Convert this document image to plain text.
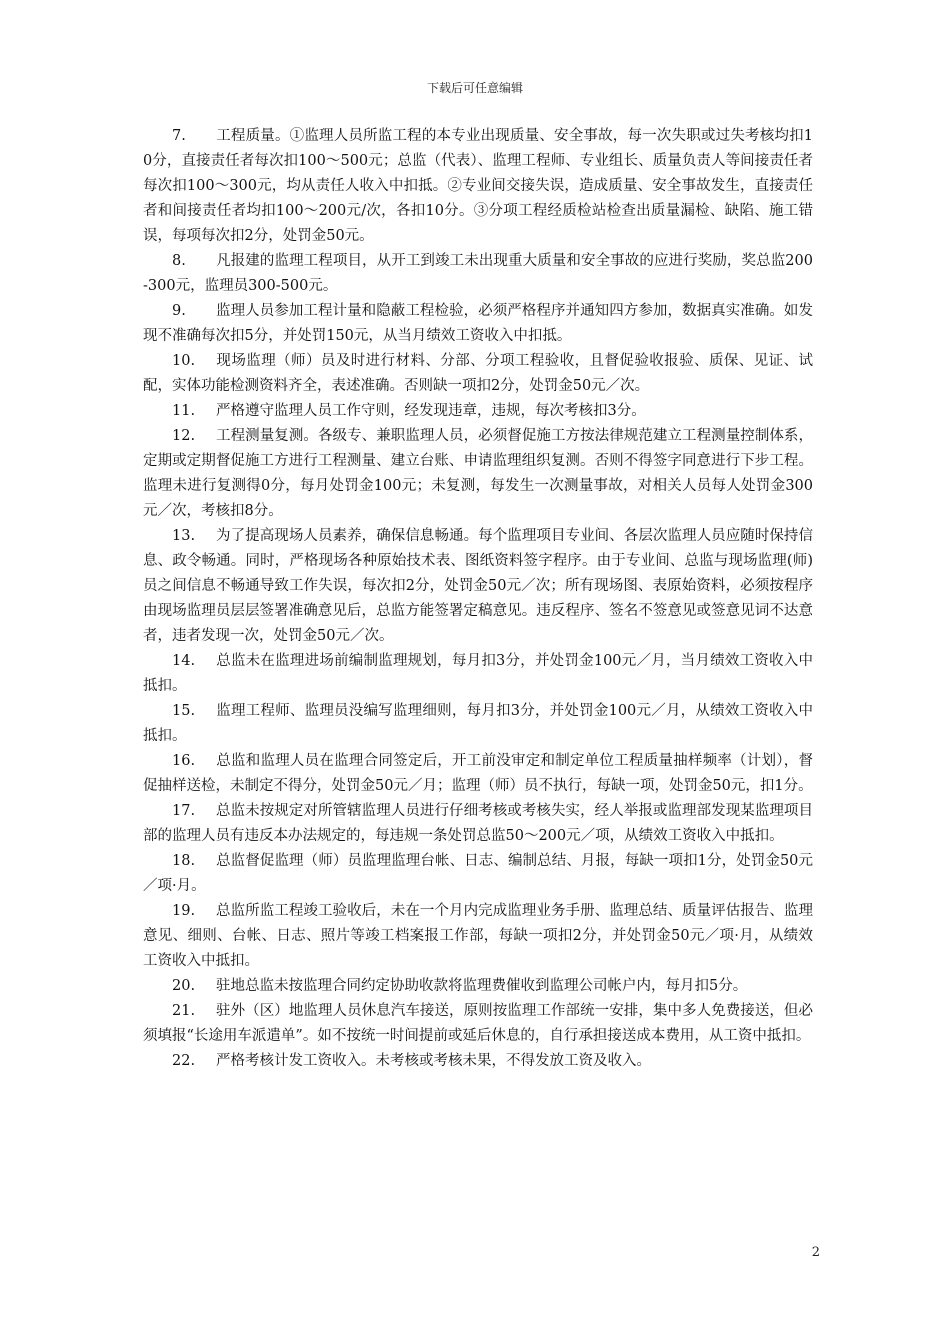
下载后可任意编辑

7. 工程质量。①监理人员所监工程的本专业出现质量、安全事故，每一次失职或过失考核均扣10分，直接责任者每次扣100～500元；总监（代表）、监理工程师、专业组长、质量负责人等间接责任者每次扣100～300元，均从责任人收入中扣抵。②专业间交接失误，造成质量、安全事故发生，直接责任者和间接责任者均扣100～200元/次，各扣10分。③分项工程经质检站检查出质量漏检、缺陷、施工错误，每项每次扣2分，处罚金50元。

8. 凡报建的监理工程项目，从开工到竣工未出现重大质量和安全事故的应进行奖励，奖总监200-300元，监理员300-500元。

9. 监理人员参加工程计量和隐蔽工程检验，必须严格程序并通知四方参加，数据真实准确。如发现不准确每次扣5分，并处罚150元，从当月绩效工资收入中扣抵。

10. 现场监理（师）员及时进行材料、分部、分项工程验收，且督促验收报验、质保、见证、试配，实体功能检测资料齐全，表述准确。否则缺一项扣2分，处罚金50元／次。

11. 严格遵守监理人员工作守则，经发现违章，违规，每次考核扣3分。

12. 工程测量复测。各级专、兼职监理人员，必须督促施工方按法律规范建立工程测量控制体系，定期或定期督促施工方进行工程测量、建立台账、申请监理组织复测。否则不得签字同意进行下步工程。监理未进行复测得0分，每月处罚金100元；未复测，每发生一次测量事故，对相关人员每人处罚金300元／次，考核扣8分。

13. 为了提高现场人员素养，确保信息畅通。每个监理项目专业间、各层次监理人员应随时保持信息、政令畅通。同时，严格现场各种原始技术表、图纸资料签字程序。由于专业间、总监与现场监理(师)员之间信息不畅通导致工作失误，每次扣2分，处罚金50元／次；所有现场图、表原始资料，必须按程序由现场监理员层层签署准确意见后，总监方能签署定稿意见。违反程序、签名不签意见或签意见词不达意者，违者发现一次，处罚金50元／次。

14. 总监未在监理进场前编制监理规划，每月扣3分，并处罚金100元／月，当月绩效工资收入中抵扣。

15. 监理工程师、监理员没编写监理细则，每月扣3分，并处罚金100元／月，从绩效工资收入中抵扣。

16. 总监和监理人员在监理合同签定后，开工前没审定和制定单位工程质量抽样频率（计划），督促抽样送检，未制定不得分，处罚金50元／月；监理（师）员不执行，每缺一项，处罚金50元，扣1分。

17. 总监未按规定对所管辖监理人员进行仔细考核或考核失实，经人举报或监理部发现某监理项目部的监理人员有违反本办法规定的，每违规一条处罚总监50～200元／项，从绩效工资收入中抵扣。

18. 总监督促监理（师）员监理监理台帐、日志、编制总结、月报，每缺一项扣1分，处罚金50元／项·月。

19. 总监所监工程竣工验收后，未在一个月内完成监理业务手册、监理总结、质量评估报告、监理意见、细则、台帐、日志、照片等竣工档案报工作部，每缺一项扣2分，并处罚金50元／项·月，从绩效工资收入中抵扣。

20. 驻地总监未按监理合同约定协助收款将监理费催收到监理公司帐户内，每月扣5分。

21. 驻外（区）地监理人员休息汽车接送，原则按监理工作部统一安排，集中多人免费接送，但必须填报“长途用车派遣单”。如不按统一时间提前或延后休息的，自行承担接送成本费用，从工资中抵扣。

22. 严格考核计发工资收入。未考核或考核未果，不得发放工资及收入。

2
